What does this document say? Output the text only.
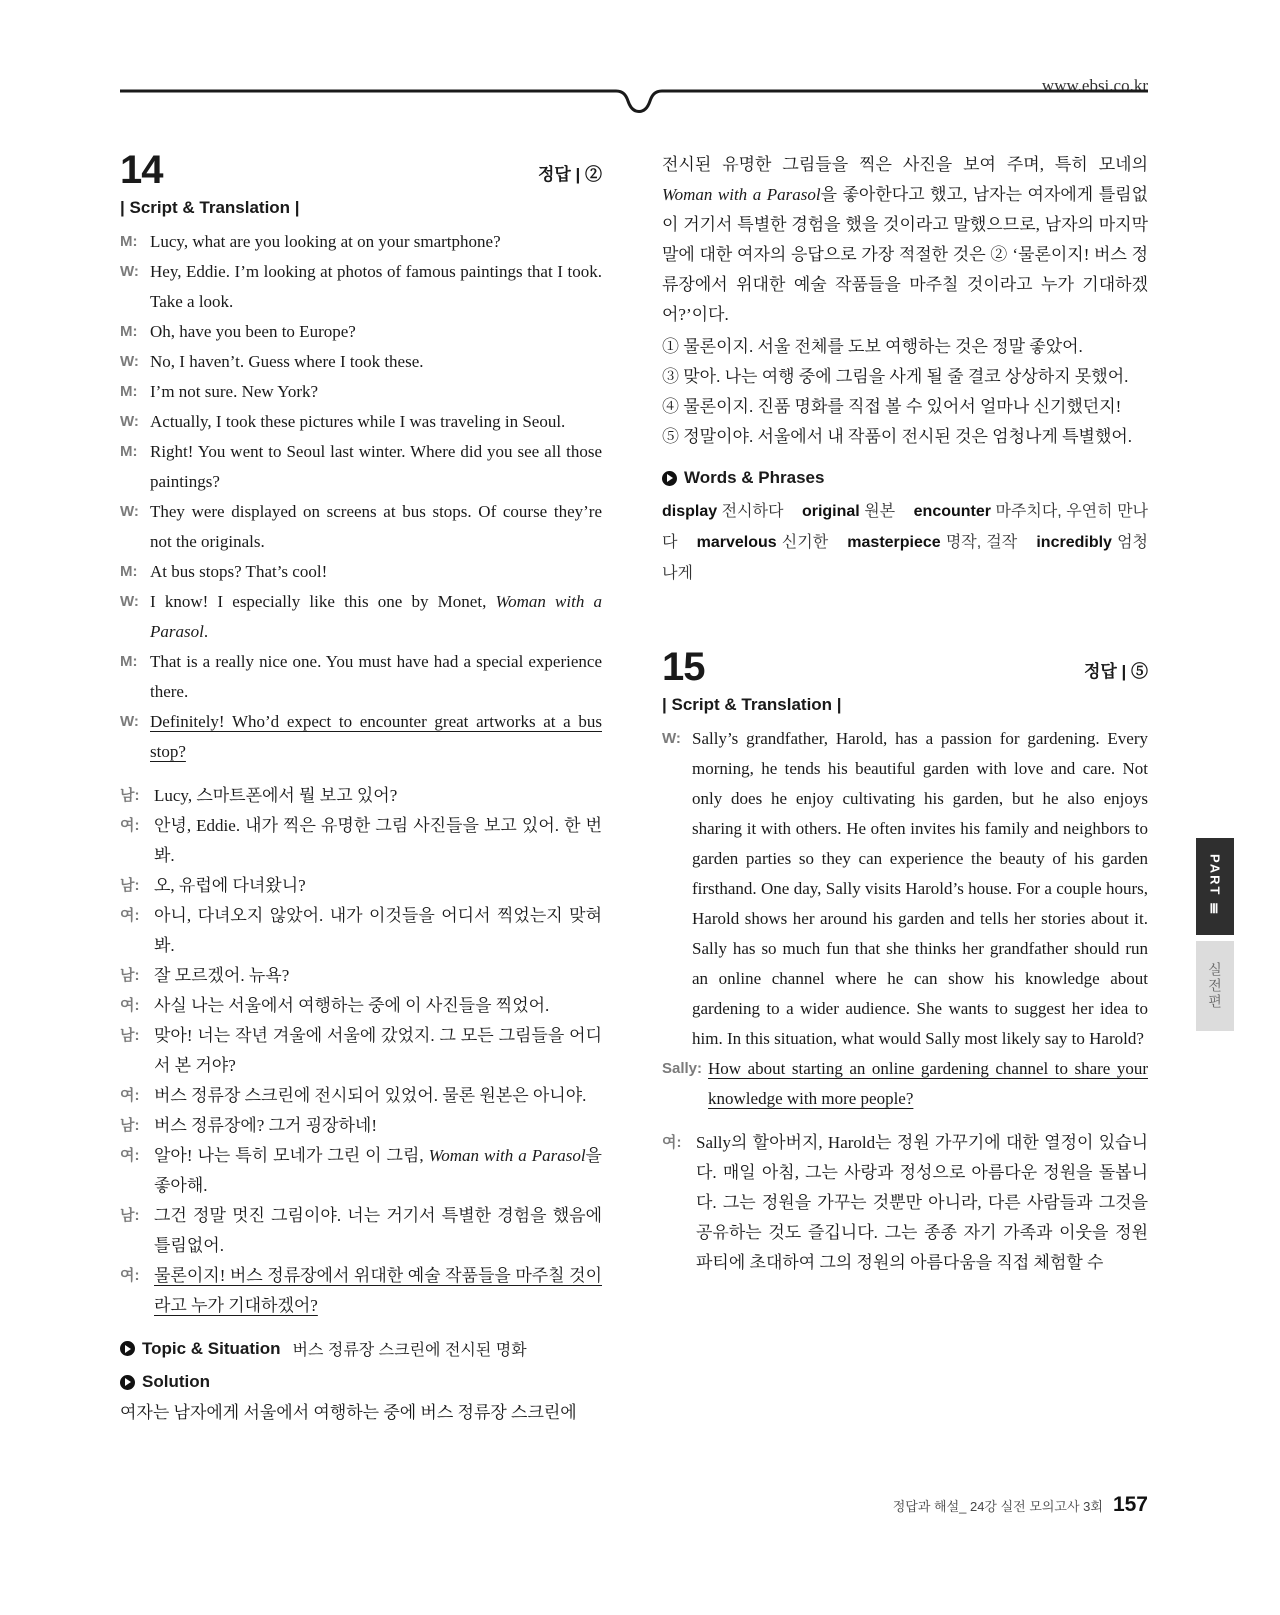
www.ebsi.co.kr
14	정답 | ②
| Script & Translation |
M: Lucy, what are you looking at on your smartphone?
W: Hey, Eddie. I’m looking at photos of famous paintings that I took. Take a look.
M: Oh, have you been to Europe?
W: No, I haven’t. Guess where I took these.
M: I’m not sure. New York?
W: Actually, I took these pictures while I was traveling in Seoul.
M: Right! You went to Seoul last winter. Where did you see all those paintings?
W: They were displayed on screens at bus stops. Of course they’re not the originals.
M: At bus stops? That’s cool!
W: I know! I especially like this one by Monet, Woman with a Parasol.
M: That is a really nice one. You must have had a special experience there.
W: Definitely! Who’d expect to encounter great artworks at a bus stop?
남: Lucy, 스마트폰에서 뭘 보고 있어?
여: 안녕, Eddie. 내가 찍은 유명한 그림 사진들을 보고 있어. 한 번 봐.
남: 오, 유럽에 다녀왔니?
여: 아니, 다녀오지 않았어. 내가 이것들을 어디서 찍었는지 맞혀 봐.
남: 잘 모르겠어. 뉴욕?
여: 사실 나는 서울에서 여행하는 중에 이 사진들을 찍었어.
남: 맞아! 너는 작년 겨울에 서울에 갔었지. 그 모든 그림들을 어디서 본 거야?
여: 버스 정류장 스크린에 전시되어 있었어. 물론 원본은 아니야.
남: 버스 정류장에? 그거 굉장하네!
여: 알아! 나는 특히 모네가 그린 이 그림, Woman with a Parasol을 좋아해.
남: 그건 정말 멋진 그림이야. 너는 거기서 특별한 경험을 했음에 틀림없어.
여: 물론이지! 버스 정류장에서 위대한 예술 작품들을 마주칠 것이라고 누가 기대하겠어?
Topic & Situation 버스 정류장 스크린에 전시된 명화
Solution
여자는 남자에게 서울에서 여행하는 중에 버스 정류장 스크린에
전시된 유명한 그림들을 찍은 사진을 보여 주며, 특히 모네의 Woman with a Parasol을 좋아한다고 했고, 남자는 여자에게 틀림없이 거기서 특별한 경험을 했을 것이라고 말했으므로, 남자의 마지막 말에 대한 여자의 응답으로 가장 적절한 것은 ② ‘물론이지! 버스 정류장에서 위대한 예술 작품들을 마주칠 것이라고 누가 기대하겠어?’이다.
① 물론이지. 서울 전체를 도보 여행하는 것은 정말 좋았어.
③ 맞아. 나는 여행 중에 그림을 사게 될 줄 결코 상상하지 못했어.
④ 물론이지. 진품 명화를 직접 볼 수 있어서 얼마나 신기했던지!
⑤ 정말이야. 서울에서 내 작품이 전시된 것은 엄청나게 특별했어.
Words & Phrases
display 전시하다 original 원본 encounter 마주치다, 우연히 만나다 marvelous 신기한 masterpiece 명작, 걸작 incredibly 엄청나게
15	정답 | ⑤
| Script & Translation |
W: Sally’s grandfather, Harold, has a passion for gardening. Every morning, he tends his beautiful garden with love and care. Not only does he enjoy cultivating his garden, but he also enjoys sharing it with others. He often invites his family and neighbors to garden parties so they can experience the beauty of his garden firsthand. One day, Sally visits Harold’s house. For a couple hours, Harold shows her around his garden and tells her stories about it. Sally has so much fun that she thinks her grandfather should run an online channel where he can show his knowledge about gardening to a wider audience. She wants to suggest her idea to him. In this situation, what would Sally most likely say to Harold?
Sally: How about starting an online gardening channel to share your knowledge with more people?
여: Sally의 할아버지, Harold는 정원 가꾸기에 대한 열정이 있습니다. 매일 아침, 그는 사랑과 정성으로 아름다운 정원을 돌봅니다. 그는 정원을 가꾸는 것뿐만 아니라, 다른 사람들과 그것을 공유하는 것도 즐깁니다. 그는 종종 자기 가족과 이웃을 정원 파티에 초대하여 그의 정원의 아름다움을 직접 체험할 수
PART Ⅲ
실전편
정답과 해설_ 24강 실전 모의고사 3회 157
